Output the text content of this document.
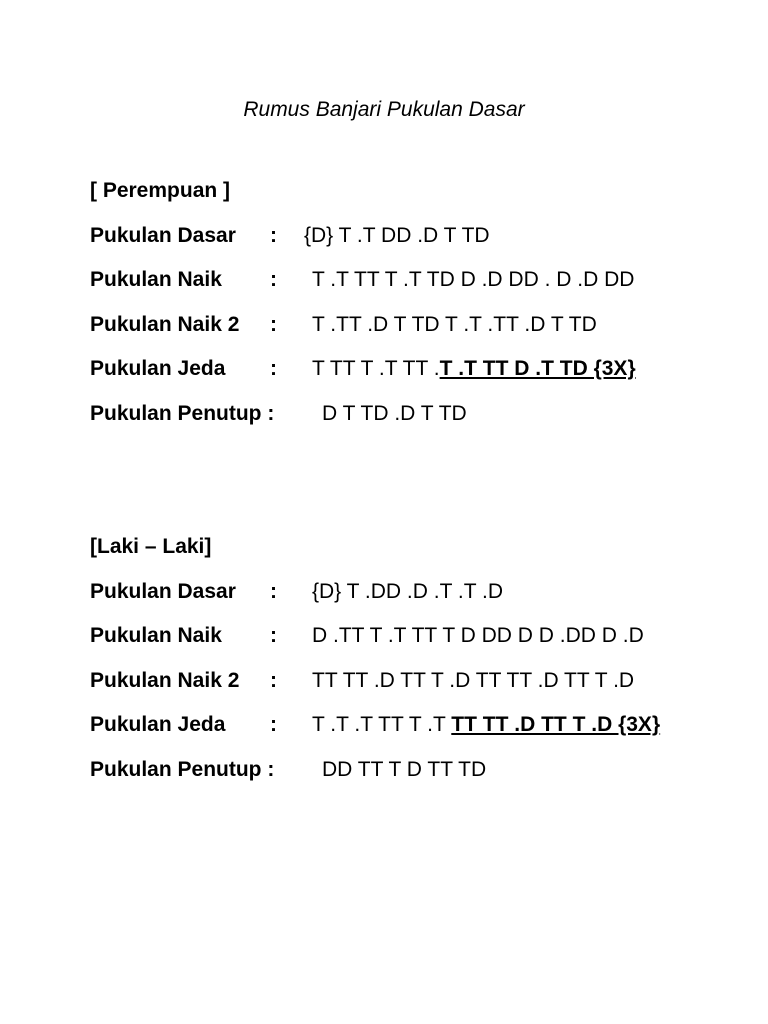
Rumus Banjari Pukulan Dasar
[ Perempuan ]
Pukulan Dasar	:	{D} T .T DD .D T TD
Pukulan Naik	:	T .T TT T .T TD D .D DD . D .D DD
Pukulan Naik 2	:	T .TT .D T TD T .T .TT .D T TD
Pukulan Jeda	:	T TT T .T TT .T .T TT D .T TD {3X}
Pukulan Penutup :	D T TD .D T TD
[Laki – Laki]
Pukulan Dasar	:	{D} T .DD .D .T .T .D
Pukulan Naik	:	D .TT T .T TT T D DD D D .DD D .D
Pukulan Naik 2	:	TT TT .D TT T .D TT TT .D TT T .D
Pukulan Jeda	:	T .T .T TT T .T TT TT .D TT T .D {3X}
Pukulan Penutup :	DD TT T D TT TD
